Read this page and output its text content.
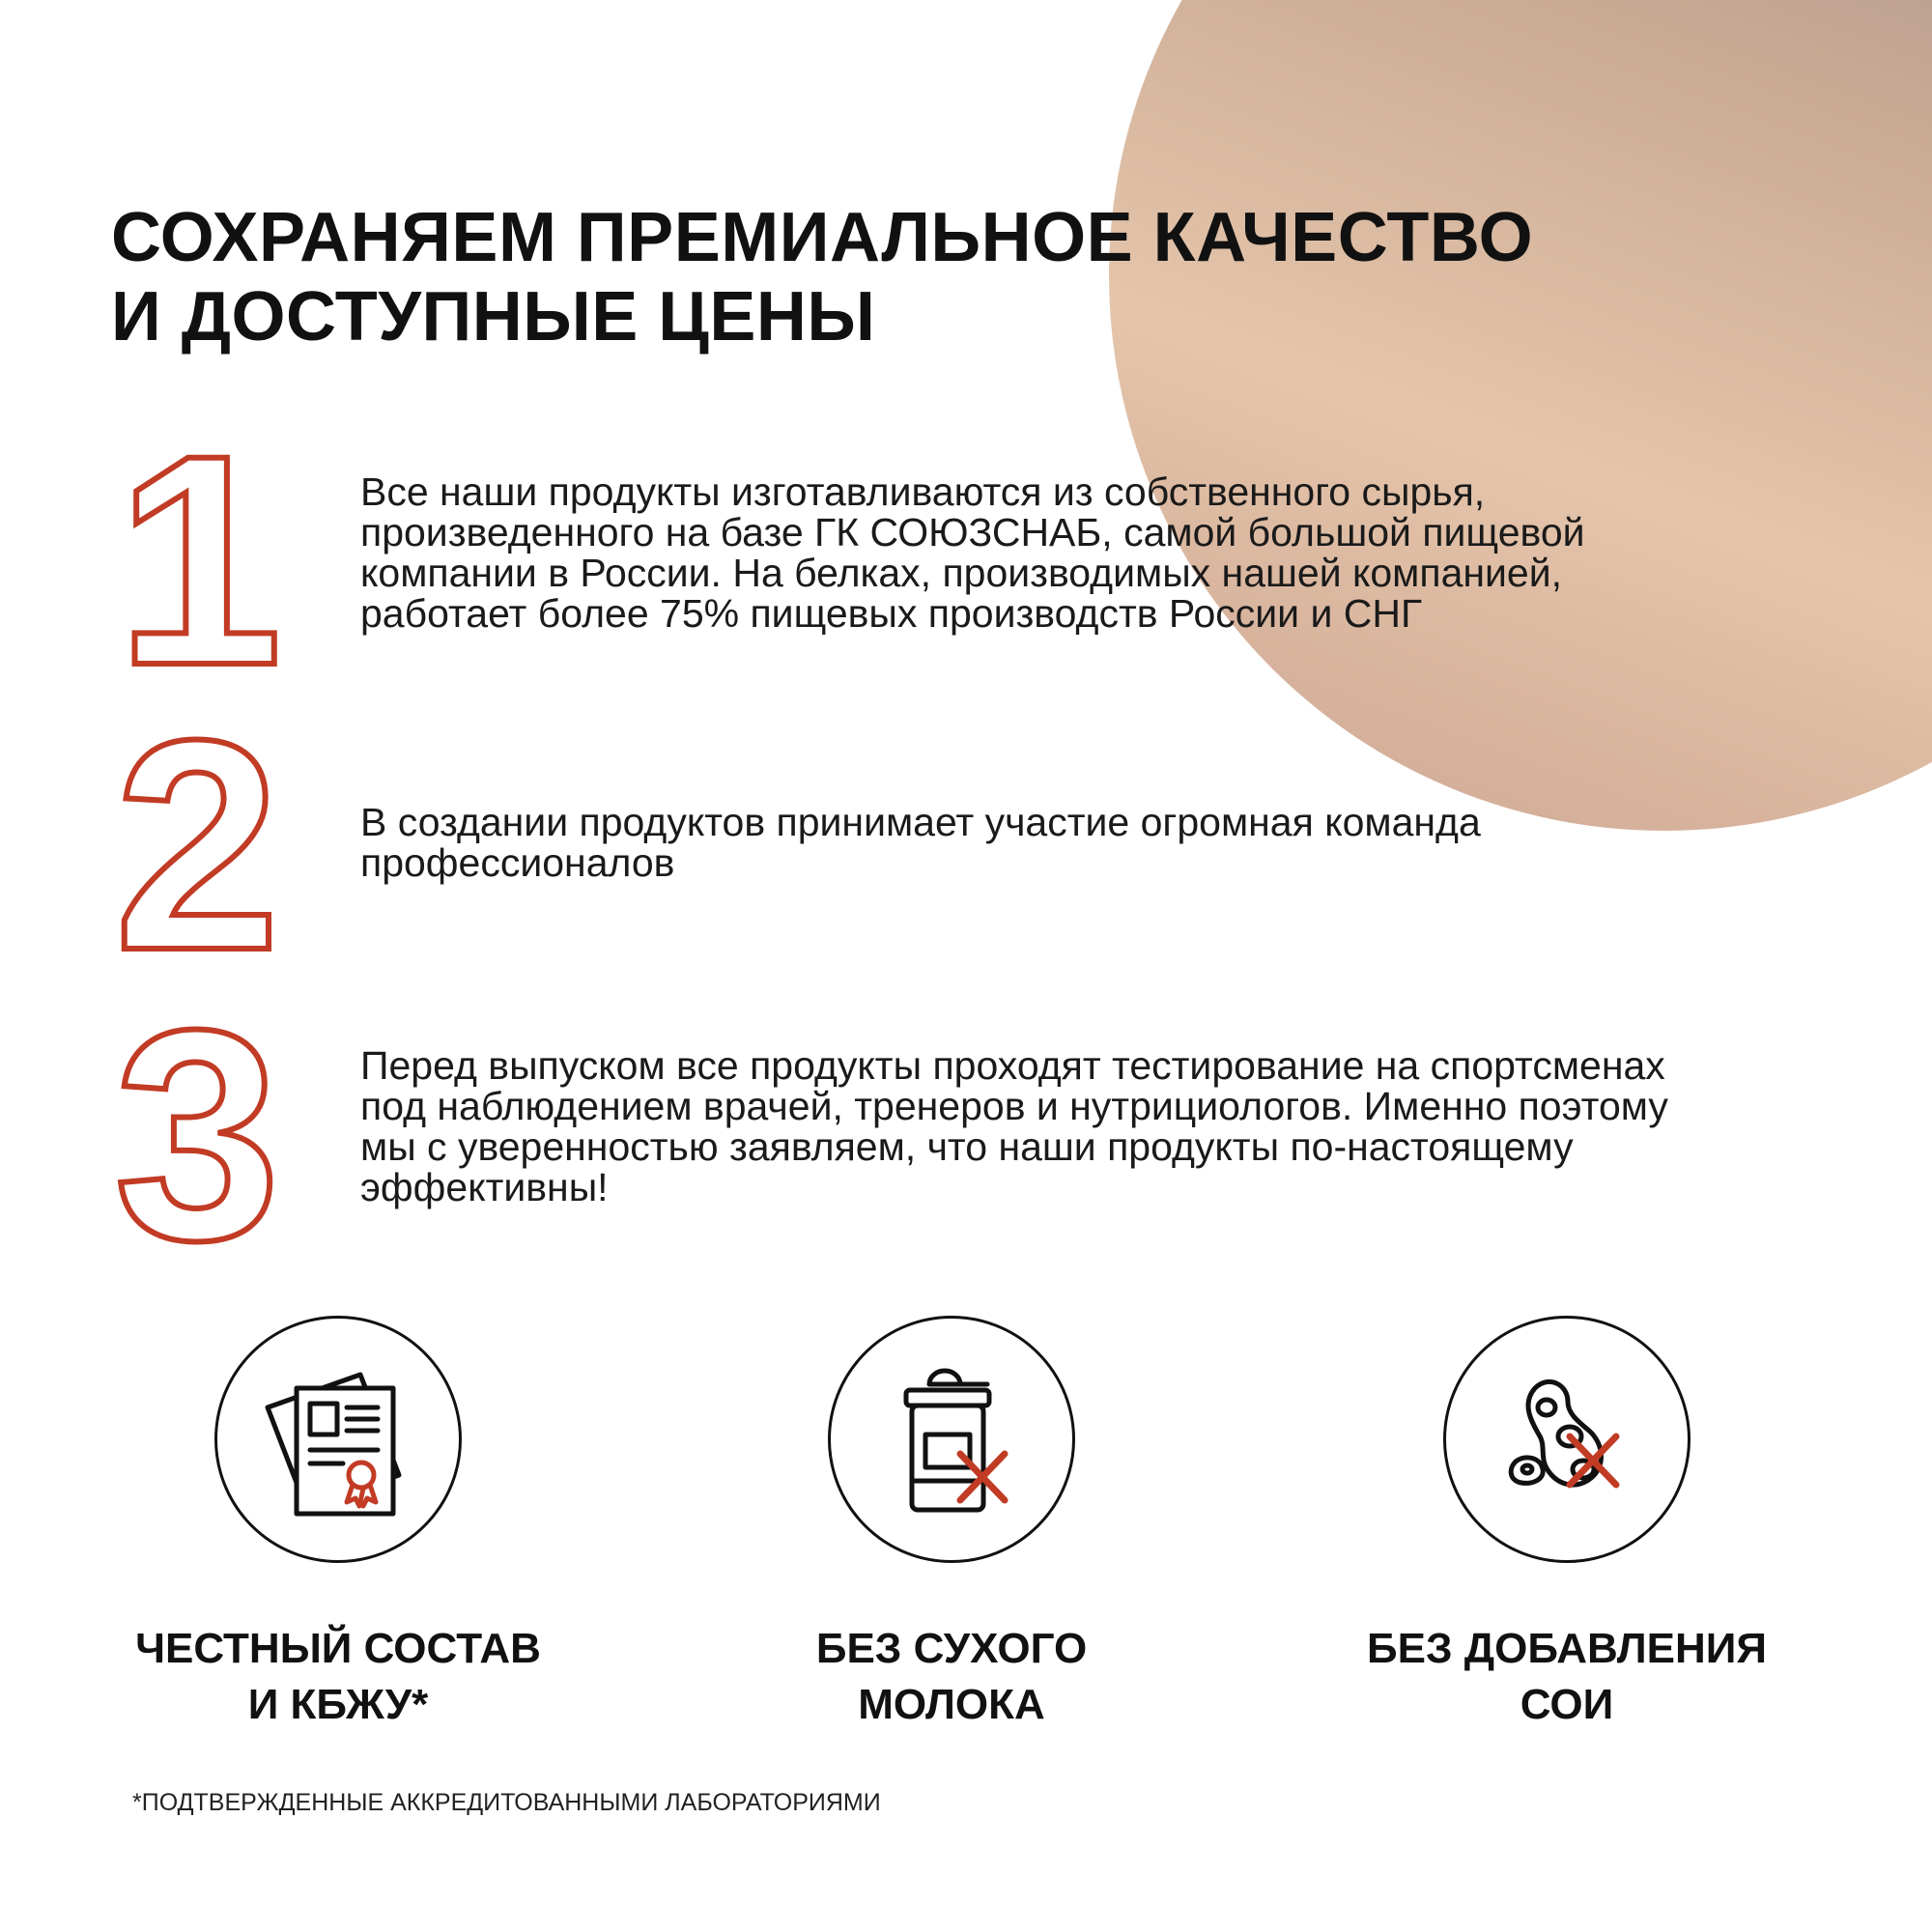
СОХРАНЯЕМ ПРЕМИАЛЬНОЕ КАЧЕСТВО
И ДОСТУПНЫЕ ЦЕНЫ
1 Все наши продукты изготавливаются из собственного сырья, произведенного на базе ГК СОЮЗСНАБ, самой большой пищевой компании в России. На белках, производимых нашей компанией, работает более 75% пищевых производств России и СНГ

2 В создании продуктов принимает участие огромная команда профессионалов

3 Перед выпуском все продукты проходят тестирование на спортсменах под наблюдением врачей, тренеров и нутрициологов. Именно поэтому мы с уверенностью заявляем, что наши продукты по-настоящему эффективны!

ЧЕСТНЫЙ СОСТАВ
И КБЖУ*
БЕЗ СУХОГО
МОЛОКА
БЕЗ ДОБАВЛЕНИЯ
СОИ
*ПОДТВЕРЖДЕННЫЕ АККРЕДИТОВАННЫМИ ЛАБОРАТОРИЯМИ
